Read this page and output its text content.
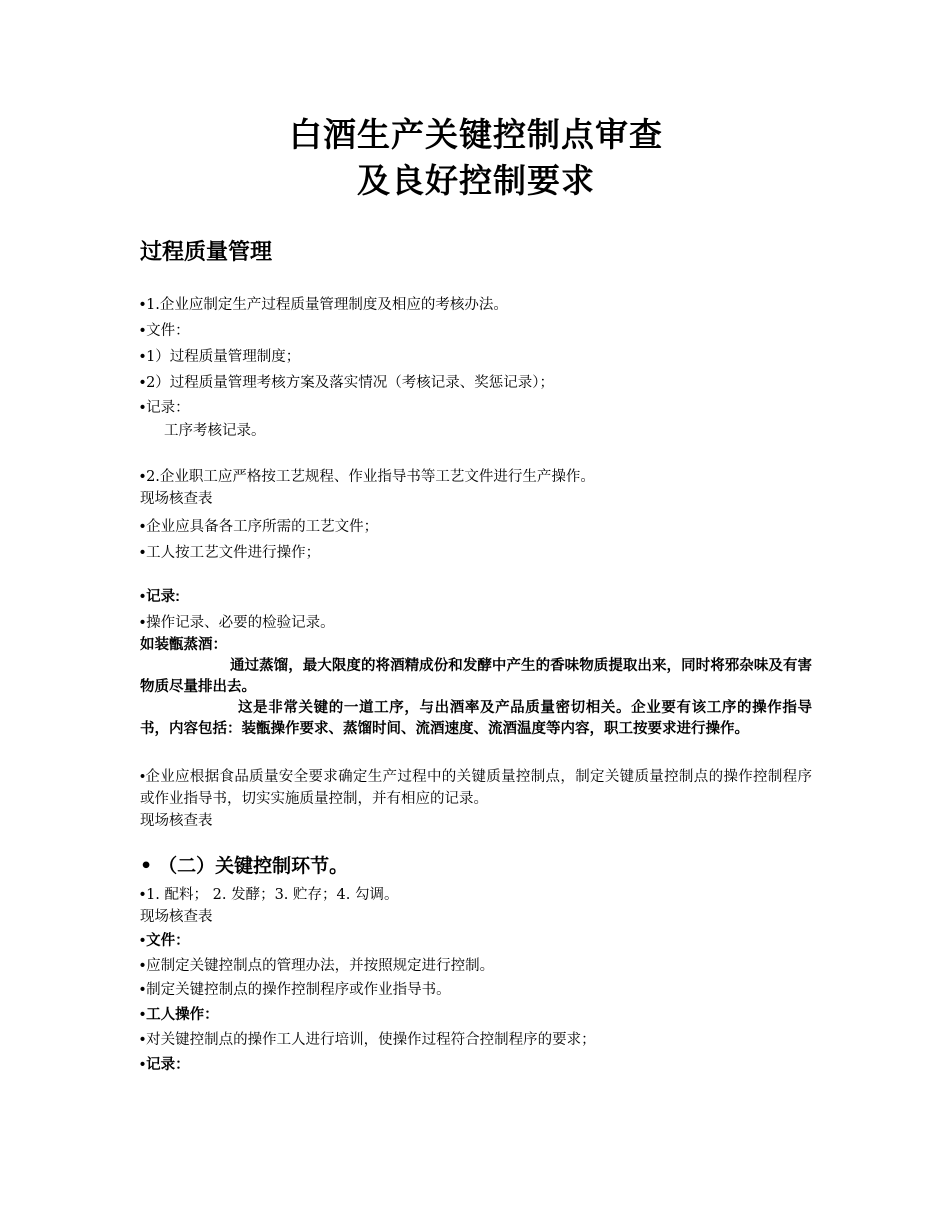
白酒生产关键控制点审查
及良好控制要求
过程质量管理

•1.企业应制定生产过程质量管理制度及相应的考核办法。

•文件：

•1）过程质量管理制度；

•2）过程质量管理考核方案及落实情况（考核记录、奖惩记录）；

•记录：

工序考核记录。

•2.企业职工应严格按工艺规程、作业指导书等工艺文件进行生产操作。

现场核查表

•企业应具备各工序所需的工艺文件；

•工人按工艺文件进行操作；

•记录:

•操作记录、必要的检验记录。

如装甑蒸酒：

通过蒸馏，最大限度的将酒精成份和发酵中产生的香味物质提取出来，同时将邪杂味及有害物质尽量排出去。

这是非常关键的一道工序，与出酒率及产品质量密切相关。企业要有该工序的操作指导书，内容包括：装甑操作要求、蒸馏时间、流酒速度、流酒温度等内容，职工按要求进行操作。

•企业应根据食品质量安全要求确定生产过程中的关键质量控制点，制定关键质量控制点的操作控制程序或作业指导书，切实实施质量控制，并有相应的记录。

现场核查表

• （二）关键控制环节。

•1. 配料； 2. 发酵；3. 贮存；4. 勾调。

现场核查表

•文件：

•应制定关键控制点的管理办法，并按照规定进行控制。

•制定关键控制点的操作控制程序或作业指导书。

•工人操作：

•对关键控制点的操作工人进行培训，使操作过程符合控制程序的要求；

•记录：
